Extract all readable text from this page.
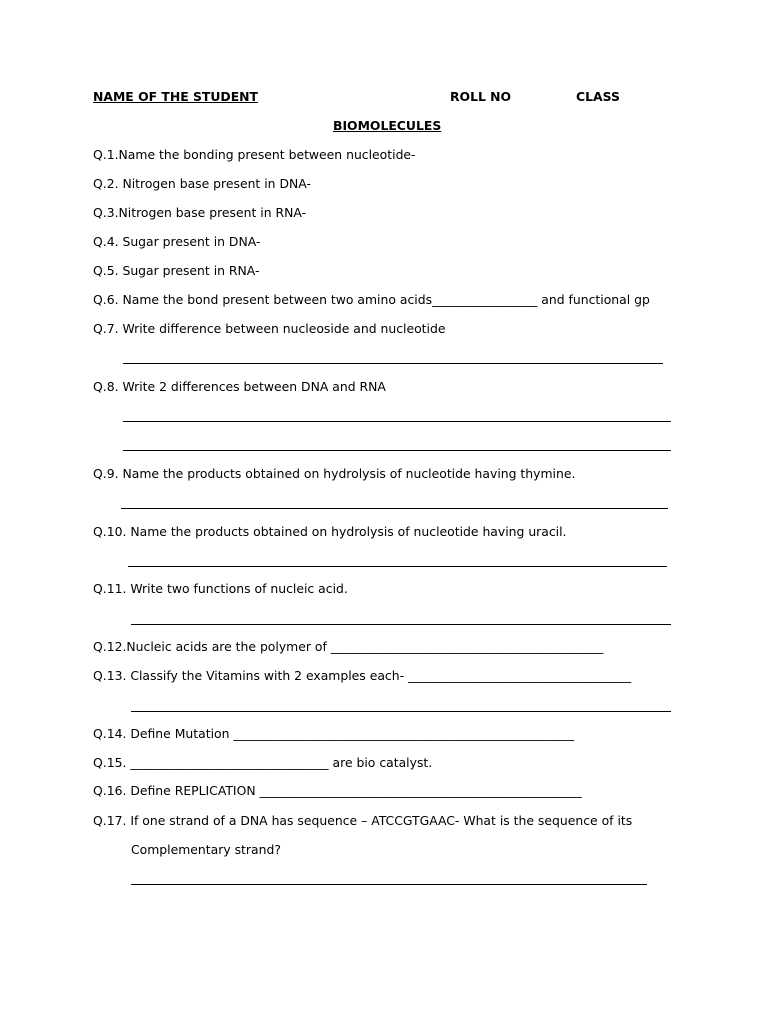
NAME OF THE STUDENT	ROLL NO	CLASS
BIOMOLECULES
Q.1.Name the bonding present between nucleotide-
Q.2. Nitrogen base present in DNA-
Q.3.Nitrogen base present in RNA-
Q.4. Sugar present in DNA-
Q.5. Sugar present in RNA-
Q.6. Name the bond present between two amino acids_________________ and functional gp
Q.7. Write difference between nucleoside and nucleotide
Q.8. Write 2 differences between DNA and RNA
Q.9. Name the products obtained on hydrolysis of nucleotide having thymine.
Q.10. Name the products obtained on hydrolysis of nucleotide having uracil.
Q.11. Write two functions of nucleic acid.
Q.12.Nucleic acids are the polymer of ____________________________________________
Q.13. Classify the Vitamins with 2 examples each- ____________________________________
Q.14. Define Mutation _______________________________________________________
Q.15. ________________________________ are bio catalyst.
Q.16. Define REPLICATION ____________________________________________________
Q.17. If one strand of a DNA has sequence – ATCCGTGAAC- What is the sequence of its
Complementary strand?
